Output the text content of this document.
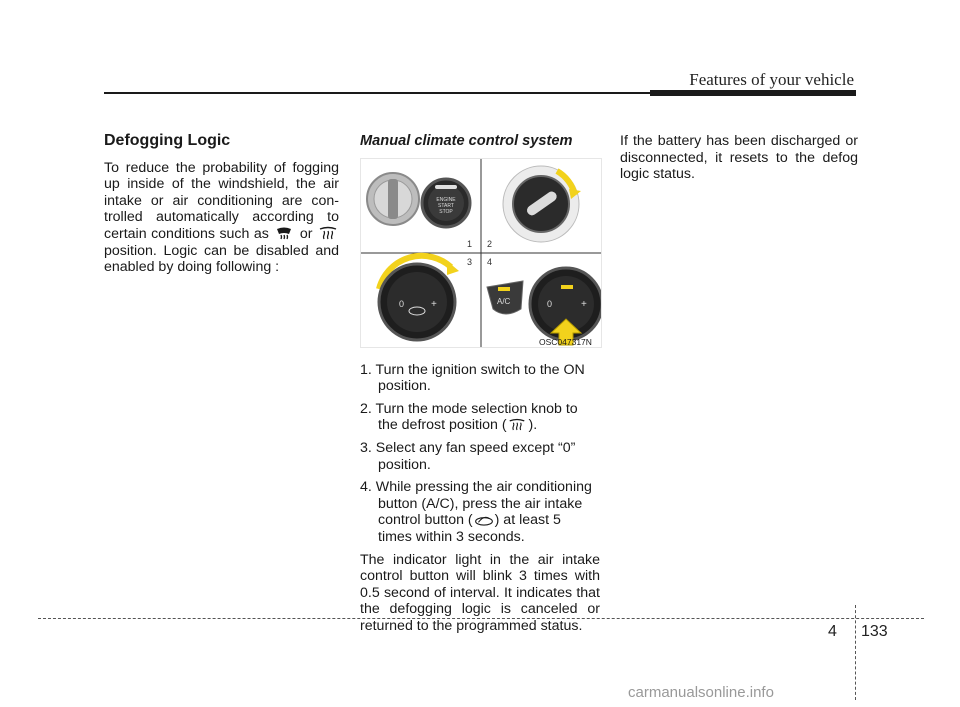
Features of your vehicle
Defogging Logic

To reduce the probability of fogging up inside of the windshield, the air intake or air conditioning are con-trolled automatically according to certain conditions such as or  position. Logic can be disabled and enabled by doing following :

Manual climate control system
ENGINE
START
STOP
1 2
3
0	+
4
A/C	0	+
OSC047317N
1. Turn the ignition switch to the ON
position.
2. Turn the mode selection knob to
the defrost position ( ).
3. Select any fan speed except “0”
position.
4. While pressing the air conditioning
button (A/C), press the air intake
control button ( ) at least 5
times within 3 seconds.

The indicator light in the air intake control button will blink 3 times with 0.5 second of interval. It indicates that the defogging logic is canceled or returned to the programmed status.

If the battery has been discharged or disconnected, it resets to the defog logic status.

4 133
carmanualsonline.info
